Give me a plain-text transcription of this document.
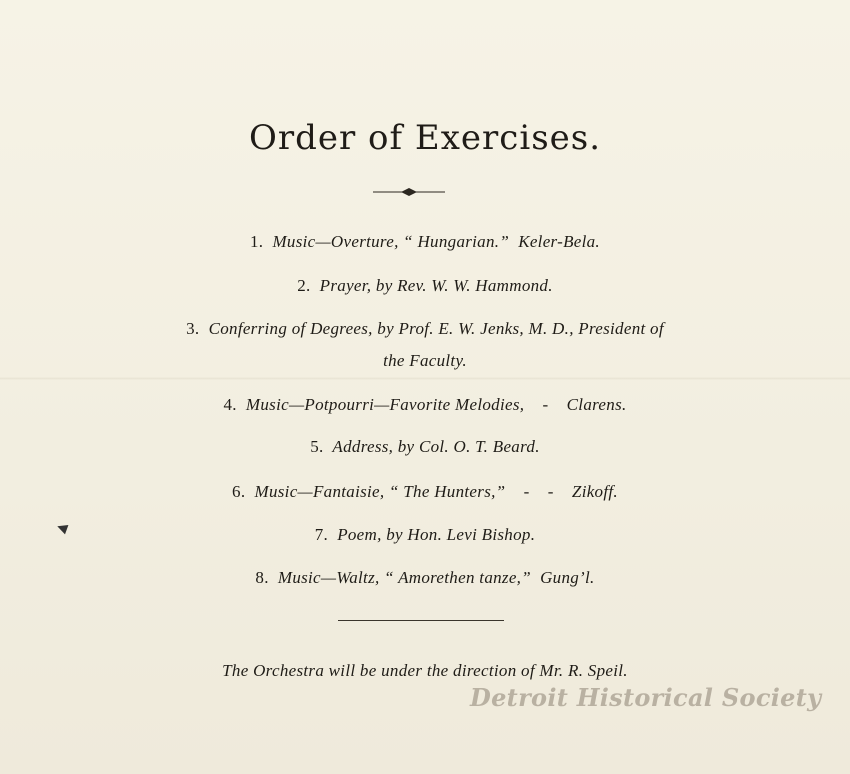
Order of Exercises.
1. Music—Overture, “ Hungarian.”  Keler-Bela.
2. Prayer, by Rev. W. W. Hammond.
3. Conferring of Degrees, by Prof. E. W. Jenks, M. D., President of
the Faculty.
4. Music—Potpourri—Favorite Melodies,    -    Clarens.
5. Address, by Col. O. T. Beard.
6. Music—Fantaisie, “ The Hunters,”    -    -    Zikoff.
7. Poem, by Hon. Levi Bishop.
8. Music—Waltz, “ Amorethen tanze,”  Gung’l.
The Orchestra will be under the direction of Mr. R. Speil.
Detroit Historical Society
